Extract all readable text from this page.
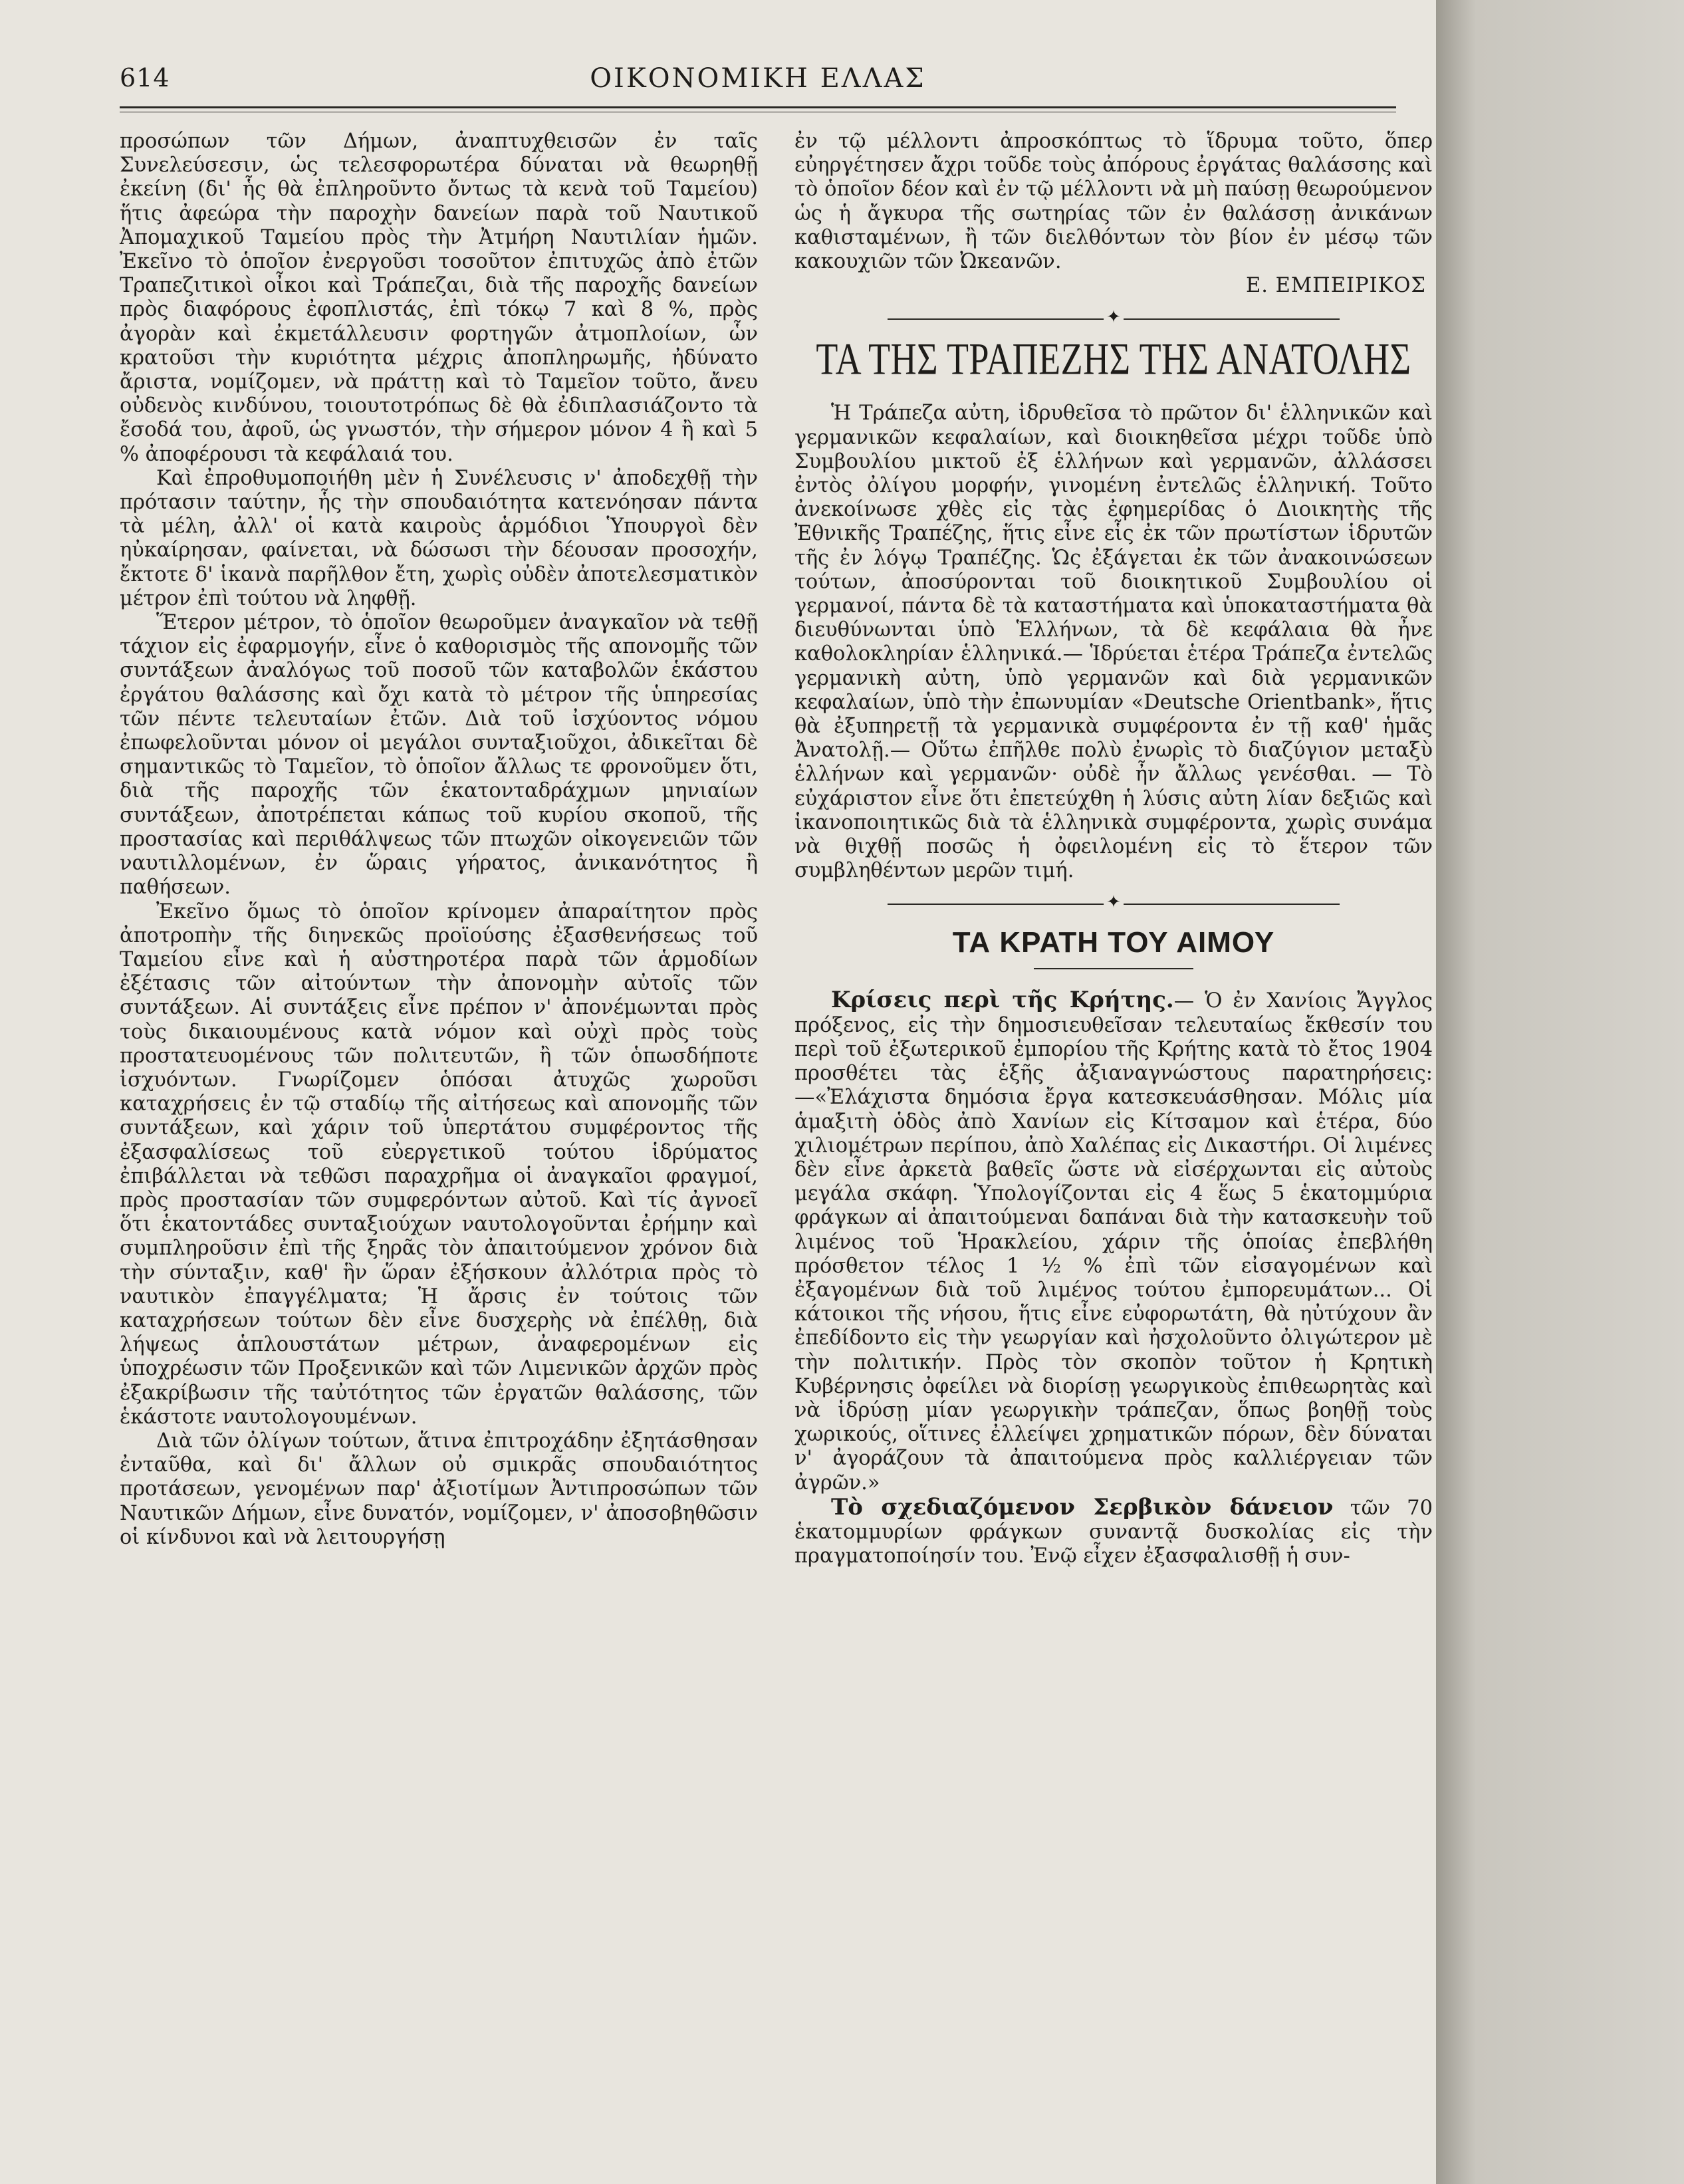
614	ΟΙΚΟΝΟΜΙΚΗ ΕΛΛΑΣ

προσώπων τῶν Δήμων, ἀναπτυχθεισῶν ἐν ταῖς Συνελεύσεσιν, ὡς τελεσφορωτέρα δύναται νὰ θεωρηθῇ ἐκείνη (δι' ἧς θὰ ἐπληροῦντο ὄντως τὰ κενὰ τοῦ Ταμείου) ἥτις ἀφεώρα τὴν παροχὴν δανείων παρὰ τοῦ Ναυτικοῦ Ἀπομαχικοῦ Ταμείου πρὸς τὴν Ἀτμήρη Ναυτιλίαν ἡμῶν. Ἐκεῖνο τὸ ὁποῖον ἐνεργοῦσι τοσοῦτον ἐπιτυχῶς ἀπὸ ἐτῶν Τραπεζιτικοὶ οἶκοι καὶ Τράπεζαι, διὰ τῆς παροχῆς δανείων πρὸς διαφόρους ἐφοπλιστάς, ἐπὶ τόκῳ 7 καὶ 8 %, πρὸς ἀγορὰν καὶ ἐκμετάλλευσιν φορτηγῶν ἀτμοπλοίων, ὧν κρατοῦσι τὴν κυριότητα μέχρις ἀποπληρωμῆς, ἠδύνατο ἄριστα, νομίζομεν, νὰ πράττῃ καὶ τὸ Ταμεῖον τοῦτο, ἄνευ οὐδενὸς κινδύνου, τοιουτοτρόπως δὲ θὰ ἐδιπλασιάζοντο τὰ ἔσοδά του, ἀφοῦ, ὡς γνωστόν, τὴν σήμερον μόνον 4 ἢ καὶ 5 % ἀποφέρουσι τὰ κεφάλαιά του.

Καὶ ἐπροθυμοποιήθη μὲν ἡ Συνέλευσις ν' ἀποδεχθῇ τὴν πρότασιν ταύτην, ἧς τὴν σπουδαιότητα κατενόησαν πάντα τὰ μέλη, ἀλλ' οἱ κατὰ καιροὺς ἁρμόδιοι Ὑπουργοὶ δὲν ηὐκαίρησαν, φαίνεται, νὰ δώσωσι τὴν δέουσαν προσοχήν, ἔκτοτε δ' ἱκανὰ παρῆλθον ἔτη, χωρὶς οὐδὲν ἀποτελεσματικὸν μέτρον ἐπὶ τούτου νὰ ληφθῇ.

Ἕτερον μέτρον, τὸ ὁποῖον θεωροῦμεν ἀναγκαῖον νὰ τεθῇ τάχιον εἰς ἐφαρμογήν, εἶνε ὁ καθορισμὸς τῆς απονομῆς τῶν συντάξεων ἀναλόγως τοῦ ποσοῦ τῶν καταβολῶν ἑκάστου ἐργάτου θαλάσσης καὶ ὄχι κατὰ τὸ μέτρον τῆς ὑπηρεσίας τῶν πέντε τελευταίων ἐτῶν. Διὰ τοῦ ἰσχύοντος νόμου ἐπωφελοῦνται μόνον οἱ μεγάλοι συνταξιοῦχοι, ἀδικεῖται δὲ σημαντικῶς τὸ Ταμεῖον, τὸ ὁποῖον ἄλλως τε φρονοῦμεν ὅτι, διὰ τῆς παροχῆς τῶν ἑκατονταδράχμων μηνιαίων συντάξεων, ἀποτρέπεται κάπως τοῦ κυρίου σκοποῦ, τῆς προστασίας καὶ περιθάλψεως τῶν πτωχῶν οἰκογενειῶν τῶν ναυτιλλομένων, ἐν ὥραις γήρατος, ἀνικανότητος ἢ παθήσεων.

Ἐκεῖνο ὅμως τὸ ὁποῖον κρίνομεν ἀπαραίτητον πρὸς ἀποτροπὴν τῆς διηνεκῶς προϊούσης ἐξασθενήσεως τοῦ Ταμείου εἶνε καὶ ἡ αὐστηροτέρα παρὰ τῶν ἁρμοδίων ἐξέτασις τῶν αἰτούντων τὴν ἀπονομὴν αὐτοῖς τῶν συντάξεων. Αἱ συντάξεις εἶνε πρέπον ν' ἀπονέμωνται πρὸς τοὺς δικαιουμένους κατὰ νόμον καὶ οὐχὶ πρὸς τοὺς προστατευομένους τῶν πολιτευτῶν, ἢ τῶν ὁπωσδήποτε ἰσχυόντων. Γνωρίζομεν ὁπόσαι ἀτυχῶς χωροῦσι καταχρήσεις ἐν τῷ σταδίῳ τῆς αἰτήσεως καὶ απονομῆς τῶν συντάξεων, καὶ χάριν τοῦ ὑπερτάτου συμφέροντος τῆς ἐξασφαλίσεως τοῦ εὐεργετικοῦ τούτου ἱδρύματος ἐπιβάλλεται νὰ τεθῶσι παραχρῆμα οἱ ἀναγκαῖοι φραγμοί, πρὸς προστασίαν τῶν συμφερόντων αὐτοῦ. Καὶ τίς ἀγνοεῖ ὅτι ἑκατοντάδες συνταξιούχων ναυτολογοῦνται ἐρήμην καὶ συμπληροῦσιν ἐπὶ τῆς ξηρᾶς τὸν ἀπαιτούμενον χρόνον διὰ τὴν σύνταξιν, καθ' ἣν ὥραν ἐξήσκουν ἀλλότρια πρὸς τὸ ναυτικὸν ἐπαγγέλματα; Ἡ ἄρσις ἐν τούτοις τῶν καταχρήσεων τούτων δὲν εἶνε δυσχερὴς νὰ ἐπέλθῃ, διὰ λήψεως ἁπλουστάτων μέτρων, ἀναφερομένων εἰς ὑποχρέωσιν τῶν Προξενικῶν καὶ τῶν Λιμενικῶν ἀρχῶν πρὸς ἐξακρίβωσιν τῆς ταὐτότητος τῶν ἐργατῶν θαλάσσης, τῶν ἑκάστοτε ναυτολογουμένων.

Διὰ τῶν ὀλίγων τούτων, ἅτινα ἐπιτροχάδην ἐξητάσθησαν ἐνταῦθα, καὶ δι' ἄλλων οὐ σμικρᾶς σπουδαιότητος προτάσεων, γενομένων παρ' ἀξιοτίμων Ἀντιπροσώπων τῶν Ναυτικῶν Δήμων, εἶνε δυνατόν, νομίζομεν, ν' ἀποσοβηθῶσιν οἱ κίνδυνοι καὶ νὰ λειτουργήσῃ

ἐν τῷ μέλλοντι ἀπροσκόπτως τὸ ἵδρυμα τοῦτο, ὅπερ εὐηργέτησεν ἄχρι τοῦδε τοὺς ἀπόρους ἐργάτας θαλάσσης καὶ τὸ ὁποῖον δέον καὶ ἐν τῷ μέλλοντι νὰ μὴ παύσῃ θεωρούμενον ὡς ἡ ἄγκυρα τῆς σωτηρίας τῶν ἐν θαλάσσῃ ἀνικάνων καθισταμένων, ἢ τῶν διελθόντων τὸν βίον ἐν μέσῳ τῶν κακουχιῶν τῶν Ὠκεανῶν.

Ε. ΕΜΠΕΙΡΙΚΟΣ
✦
ΤΑ ΤΗΣ ΤΡΑΠΕΖΗΣ ΤΗΣ ΑΝΑΤΟΛΗΣ

Ἡ Τράπεζα αὐτη, ἱδρυθεῖσα τὸ πρῶτον δι' ἑλληνικῶν καὶ γερμανικῶν κεφαλαίων, καὶ διοικηθεῖσα μέχρι τοῦδε ὑπὸ Συμβουλίου μικτοῦ ἐξ ἑλλήνων καὶ γερμανῶν, ἀλλάσσει ἐντὸς ὀλίγου μορφήν, γινομένη ἐντελῶς ἑλληνική. Τοῦτο ἀνεκοίνωσε χθὲς εἰς τὰς ἐφημερίδας ὁ Διοικητὴς τῆς Ἐθνικῆς Τραπέζης, ἥτις εἶνε εἷς ἐκ τῶν πρωτίστων ἱδρυτῶν τῆς ἐν λόγῳ Τραπέζης. Ὡς ἐξάγεται ἐκ τῶν ἀνακοινώσεων τούτων, ἀποσύρονται τοῦ διοικητικοῦ Συμβουλίου οἱ γερμανοί, πάντα δὲ τὰ καταστήματα καὶ ὑποκαταστήματα θὰ διευθύνωνται ὑπὸ Ἑλλήνων, τὰ δὲ κεφάλαια θὰ ἦνε καθολοκληρίαν ἑλληνικά.— Ἱδρύεται ἑτέρα Τράπεζα ἐντελῶς γερμανικὴ αὐτη, ὑπὸ γερμανῶν καὶ διὰ γερμανικῶν κεφαλαίων, ὑπὸ τὴν ἐπωνυμίαν «Deutsche Orientbank», ἥτις θὰ ἐξυπηρετῇ τὰ γερμανικὰ συμφέροντα ἐν τῇ καθ' ἡμᾶς Ἀνατολῇ.— Οὕτω ἐπῆλθε πολὺ ἐνωρὶς τὸ διαζύγιον μεταξὺ ἑλλήνων καὶ γερμανῶν· οὐδὲ ἦν ἄλλως γενέσθαι. — Τὸ εὐχάριστον εἶνε ὅτι ἐπετεύχθη ἡ λύσις αὐτη λίαν δεξιῶς καὶ ἱκανοποιητικῶς διὰ τὰ ἑλληνικὰ συμφέροντα, χωρὶς συνάμα νὰ θιχθῇ ποσῶς ἡ ὀφειλομένη εἰς τὸ ἕτερον τῶν συμβληθέντων μερῶν τιμή.

✦
ΤΑ ΚΡΑΤΗ ΤΟΥ ΑΙΜΟΥ

Κρίσεις περὶ τῆς Κρήτης.— Ὁ ἐν Χανίοις Ἄγγλος πρόξενος, εἰς τὴν δημοσιευθεῖσαν τελευταίως ἔκθεσίν του περὶ τοῦ ἐξωτερικοῦ ἐμπορίου τῆς Κρήτης κατὰ τὸ ἔτος 1904 προσθέτει τὰς ἑξῆς ἀξιαναγνώστους παρατηρήσεις:—«Ἐλάχιστα δημόσια ἔργα κατεσκευάσθησαν. Μόλις μία ἁμαξιτὴ ὁδὸς ἀπὸ Χανίων εἰς Κίτσαμον καὶ ἑτέρα, δύο χιλιομέτρων περίπου, ἀπὸ Χαλέπας εἰς Δικαστήρι. Οἱ λιμένες δὲν εἶνε ἀρκετὰ βαθεῖς ὥστε νὰ εἰσέρχωνται εἰς αὐτοὺς μεγάλα σκάφη. Ὑπολογίζονται εἰς 4 ἕως 5 ἑκατομμύρια φράγκων αἱ ἀπαιτούμεναι δαπάναι διὰ τὴν κατασκευὴν τοῦ λιμένος τοῦ Ἡρακλείου, χάριν τῆς ὁποίας ἐπεβλήθη πρόσθετον τέλος 1 ½ % ἐπὶ τῶν εἰσαγομένων καὶ ἐξαγομένων διὰ τοῦ λιμένος τούτου ἐμπορευμάτων... Οἱ κάτοικοι τῆς νήσου, ἥτις εἶνε εὐφορωτάτη, θὰ ηὐτύχουν ἂν ἐπεδίδοντο εἰς τὴν γεωργίαν καὶ ἠσχολοῦντο ὀλιγώτερον μὲ τὴν πολιτικήν. Πρὸς τὸν σκοπὸν τοῦτον ἡ Κρητικὴ Κυβέρνησις ὀφείλει νὰ διορίσῃ γεωργικοὺς ἐπιθεωρητὰς καὶ νὰ ἱδρύσῃ μίαν γεωργικὴν τράπεζαν, ὅπως βοηθῇ τοὺς χωρικούς, οἵτινες ἐλλείψει χρηματικῶν πόρων, δὲν δύναται ν' ἀγοράζουν τὰ ἀπαιτούμενα πρὸς καλλιέργειαν τῶν ἀγρῶν.»

Τὸ σχεδιαζόμενον Σερβικὸν δάνειον τῶν 70 ἑκατομμυρίων φράγκων συναντᾷ δυσκολίας εἰς τὴν πραγματοποίησίν του. Ἐνῷ εἶχεν ἐξασφαλισθῇ ἡ συν-
